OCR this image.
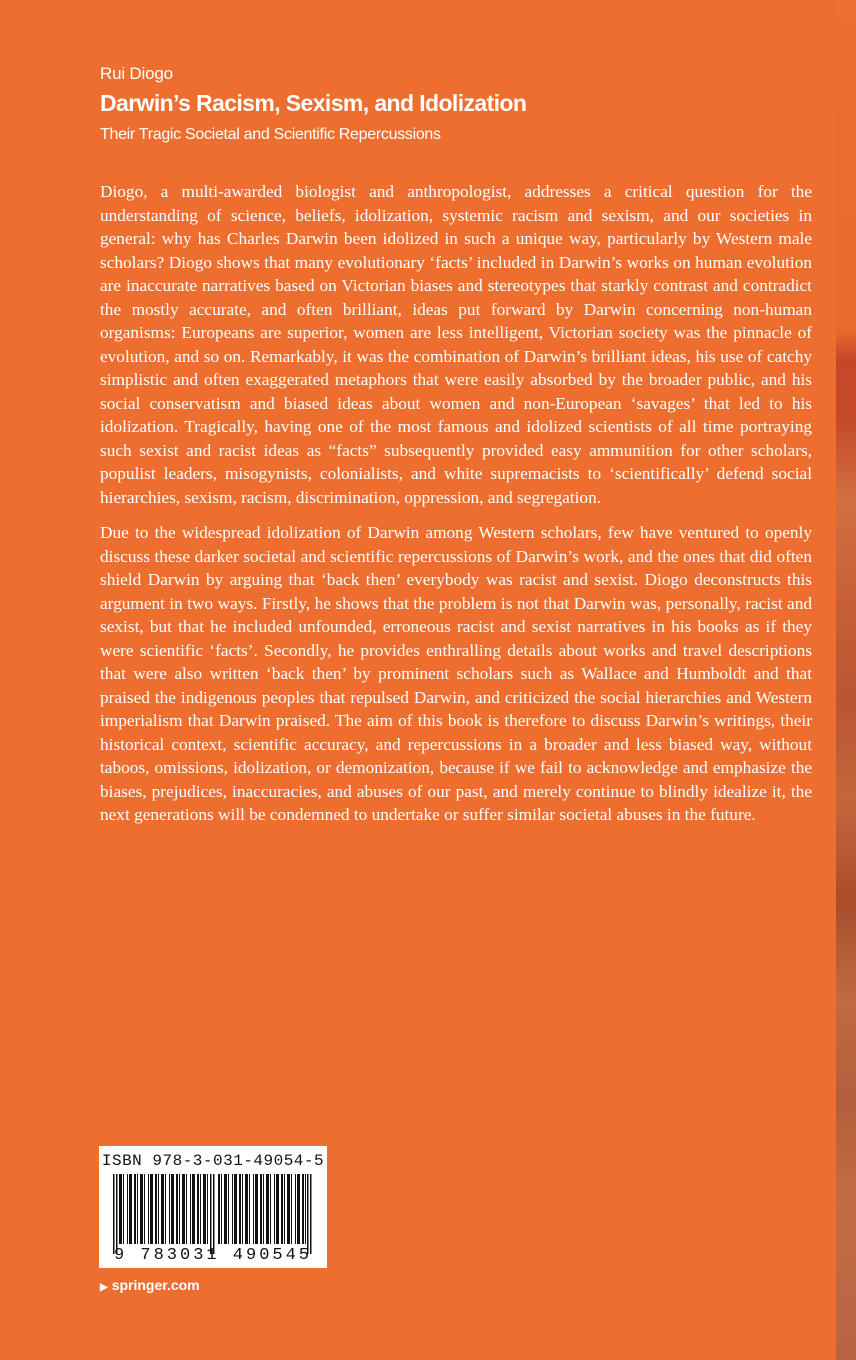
Rui Diogo
Darwin’s Racism, Sexism, and Idolization
Their Tragic Societal and Scientific Repercussions

Diogo, a multi-awarded biologist and anthropologist, addresses a critical question for the understanding of science, beliefs, idolization, systemic racism and sexism, and our societies in general: why has Charles Darwin been idolized in such a unique way, particularly by Western male scholars? Diogo shows that many evolutionary ‘facts’ included in Darwin’s works on human evolution are inaccurate narratives based on Victorian biases and stereotypes that starkly contrast and contradict the mostly accurate, and often brilliant, ideas put forward by Darwin concerning non-human organisms: Europeans are superior, women are less intelligent, Victorian society was the pinnacle of evolution, and so on. Remarkably, it was the combination of Darwin’s brilliant ideas, his use of catchy simplistic and often exaggerated metaphors that were easily absorbed by the broader public, and his social conservatism and biased ideas about women and non-European ‘savages’ that led to his idolization. Tragically, having one of the most famous and idolized scientists of all time portraying such sexist and racist ideas as “facts” subsequently provided easy ammunition for other scholars, populist leaders, misogynists, colonialists, and white supremacists to ‘scientifically’ defend social hierarchies, sexism, racism, discrimination, oppression, and segregation.

Due to the widespread idolization of Darwin among Western scholars, few have ventured to openly discuss these darker societal and scientific repercussions of Darwin’s work, and the ones that did often shield Darwin by arguing that ‘back then’ everybody was racist and sexist. Diogo deconstructs this argument in two ways. Firstly, he shows that the problem is not that Darwin was, personally, racist and sexist, but that he included unfounded, erroneous racist and sexist narratives in his books as if they were scientific ‘facts’. Secondly, he provides enthralling details about works and travel descriptions that were also written ‘back then’ by prominent scholars such as Wallace and Humboldt and that praised the indigenous peoples that repulsed Darwin, and criticized the social hierarchies and Western imperialism that Darwin praised. The aim of this book is therefore to discuss Darwin’s writings, their historical context, scientific accuracy, and repercussions in a broader and less biased way, without taboos, omissions, idolization, or demonization, because if we fail to acknowledge and emphasize the biases, prejudices, inaccuracies, and abuses of our past, and merely continue to blindly idealize it, the next generations will be condemned to undertake or suffer similar societal abuses in the future.

ISBN 978-3-031-49054-5
9 783031 490545
▶ springer.com
